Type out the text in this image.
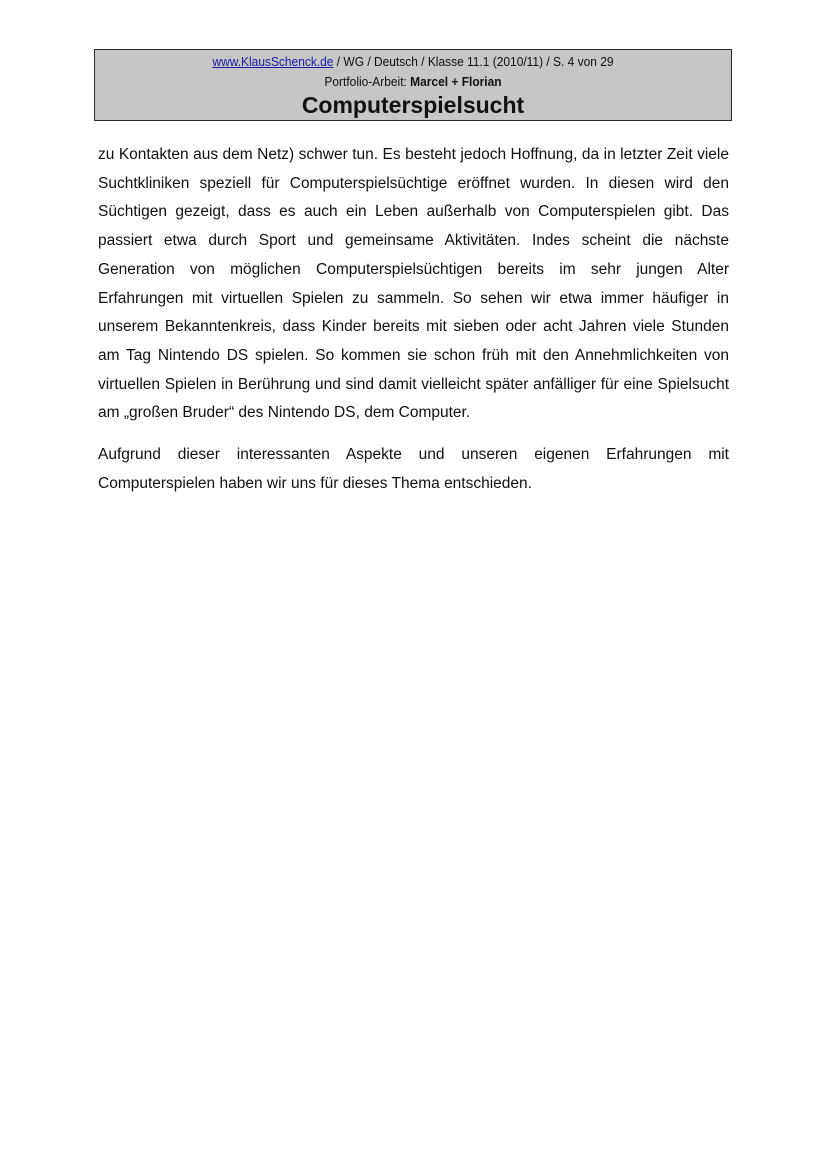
www.KlausSchenck.de / WG / Deutsch / Klasse 11.1 (2010/11) / S. 4 von 29
Portfolio-Arbeit: Marcel + Florian
Computerspielsucht

zu Kontakten aus dem Netz) schwer tun. Es besteht jedoch Hoffnung, da in letzter Zeit viele Suchtkliniken speziell für Computerspielsüchtige eröffnet wurden. In diesen wird den Süchtigen gezeigt, dass es auch ein Leben außerhalb von Computerspielen gibt. Das passiert etwa durch Sport und gemeinsame Aktivitäten. Indes scheint die nächste Generation von möglichen Computerspielsüchtigen bereits im sehr jungen Alter Erfahrungen mit virtuellen Spielen zu sammeln. So sehen wir etwa immer häufiger in unserem Bekanntenkreis, dass Kinder bereits mit sieben oder acht Jahren viele Stunden am Tag Nintendo DS spielen. So kommen sie schon früh mit den Annehmlichkeiten von virtuellen Spielen in Berührung und sind damit vielleicht später anfälliger für eine Spielsucht am „großen Bruder“ des Nintendo DS, dem Computer.

Aufgrund dieser interessanten Aspekte und unseren eigenen Erfahrungen mit Computerspielen haben wir uns für dieses Thema entschieden.
